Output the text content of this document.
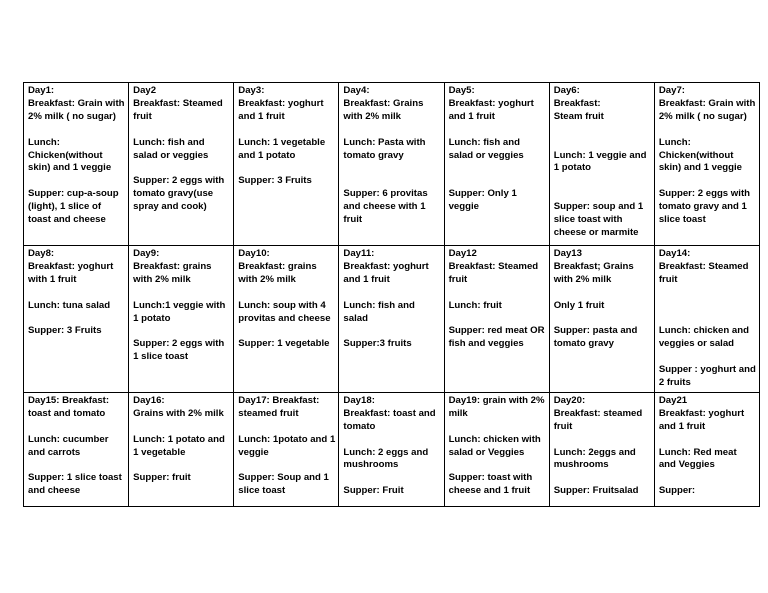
Day1:
Breakfast: Grain with 2% milk ( no sugar)
Lunch: Chicken(without skin) and 1 veggie
Supper: cup-a-soup (light), 1 slice of toast and cheese	Day2
Breakfast: Steamed fruit
Lunch: fish and salad or veggies
Supper: 2 eggs with tomato gravy(use spray and cook)	Day3:
Breakfast: yoghurt and 1 fruit
Lunch: 1 vegetable and 1 potato
Supper: 3 Fruits	Day4:
Breakfast: Grains with 2% milk
Lunch: Pasta with tomato gravy
Supper: 6 provitas and cheese with 1 fruit	Day5:
Breakfast: yoghurt and 1 fruit
Lunch: fish and salad or veggies
Supper: Only 1 veggie	Day6:
Breakfast:
Steam fruit
Lunch: 1 veggie and 1 potato
Supper: soup and 1 slice toast with cheese or marmite	Day7:
Breakfast: Grain with 2% milk ( no sugar)
Lunch: Chicken(without skin) and 1 veggie
Supper: 2 eggs with tomato gravy and 1 slice toast

Day8:
Breakfast: yoghurt with 1 fruit
Lunch: tuna salad
Supper: 3 Fruits	Day9:
Breakfast: grains with 2% milk
Lunch:1 veggie with 1 potato
Supper: 2 eggs with 1 slice toast	Day10:
Breakfast: grains with 2% milk
Lunch: soup with 4 provitas and cheese
Supper: 1 vegetable	Day11:
Breakfast: yoghurt and 1 fruit
Lunch: fish and salad
Supper:3 fruits	Day12
Breakfast: Steamed fruit
Lunch: fruit
Supper: red meat OR fish and veggies	Day13
Breakfast; Grains with 2% milk
Only 1 fruit
Supper: pasta and tomato gravy	Day14:
Breakfast: Steamed fruit
Lunch: chicken and veggies or salad
Supper : yoghurt and 2 fruits

Day15: Breakfast: toast and tomato
Lunch: cucumber and carrots
Supper: 1 slice toast and cheese	Day16:
Grains with 2% milk
Lunch: 1 potato and 1 vegetable
Supper: fruit	Day17: Breakfast: steamed fruit
Lunch: 1potato and 1 veggie
Supper: Soup and 1 slice toast	Day18:
Breakfast: toast and tomato
Lunch: 2 eggs and mushrooms
Supper: Fruit	Day19: grain with 2% milk
Lunch: chicken with salad or Veggies
Supper: toast with cheese and 1 fruit	Day20:
Breakfast: steamed fruit
Lunch: 2eggs and mushrooms
Supper: Fruitsalad	Day21
Breakfast: yoghurt and 1 fruit
Lunch: Red meat and Veggies
Supper:
